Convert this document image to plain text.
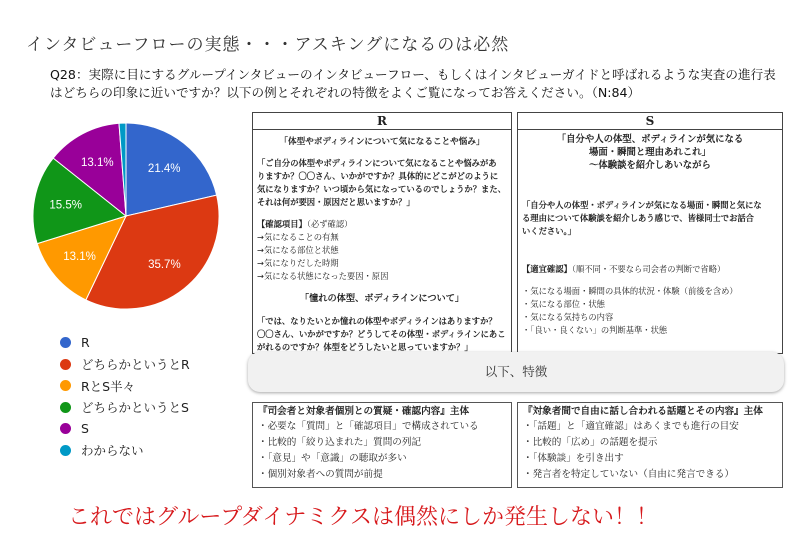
インタビューフローの実態・・・アスキングになるのは必然
Q28：実際に目にするグループインタビューのインタビューフロー、もしくはインタビューガイドと呼ばれるような実査の進行表はどちらの印象に近いですか？以下の例とそれぞれの特徴をよくご覧になってお答えください。（N:84）
21.4%
35.7%
13.1%
15.5%
13.1%
R
どちらかというとR
RとS半々
どちらかというとS
S
わからない
R
「体型やボディラインについて気になることや悩み」
「ご自分の体型やボディラインについて気になることや悩みがあ
りますか？〇〇さん、いかがですか？具体的にどこがどのように
気になりますか？いつ頃から気になっているのでしょうか？また、
それは何が要因・原因だと思いますか？」
【確認項目】（必ず確認）
→気になることの有無
→気になる部位と状態
→気になりだした時期
→気になる状態になった要因・原因
「憧れの体型、ボディラインについて」
「では、なりたいとか憧れの体型やボディラインはありますか？
〇〇さん、いかがですか？どうしてその体型・ボディラインにあこ
がれるのですか？体型をどうしたいと思っていますか？」
S
「自分や人の体型、ボディラインが気になる
場面・瞬間と理由あれこれ」
～体験談を紹介しあいながら
「自分や人の体型・ボディラインが気になる場面・瞬間と気にな
る理由について体験談を紹介しあう感じで、皆様同士でお話合
いください。」
【適宜確認】（順不同・不要なら司会者の判断で省略）
・気になる場面・瞬間の具体的状況・体験（前後を含め）
・気になる部位・状態
・気になる気持ちの内容
・「良い・良くない」の判断基準・状態
以下、特徴
『司会者と対象者個別との質疑・確認内容』主体
・必要な「質問」と「確認項目」で構成されている
・比較的「絞り込まれた」質問の列記
・「意見」や「意識」の聴取が多い
・個別対象者への質問が前提
『対象者間で自由に話し合われる話題とその内容』主体
・「話題」と「適宜確認」はあくまでも進行の目安
・比較的「広め」の話題を提示
・「体験談」を引き出す
・発言者を特定していない（自由に発言できる）
これではグループダイナミクスは偶然にしか発生しない！！
